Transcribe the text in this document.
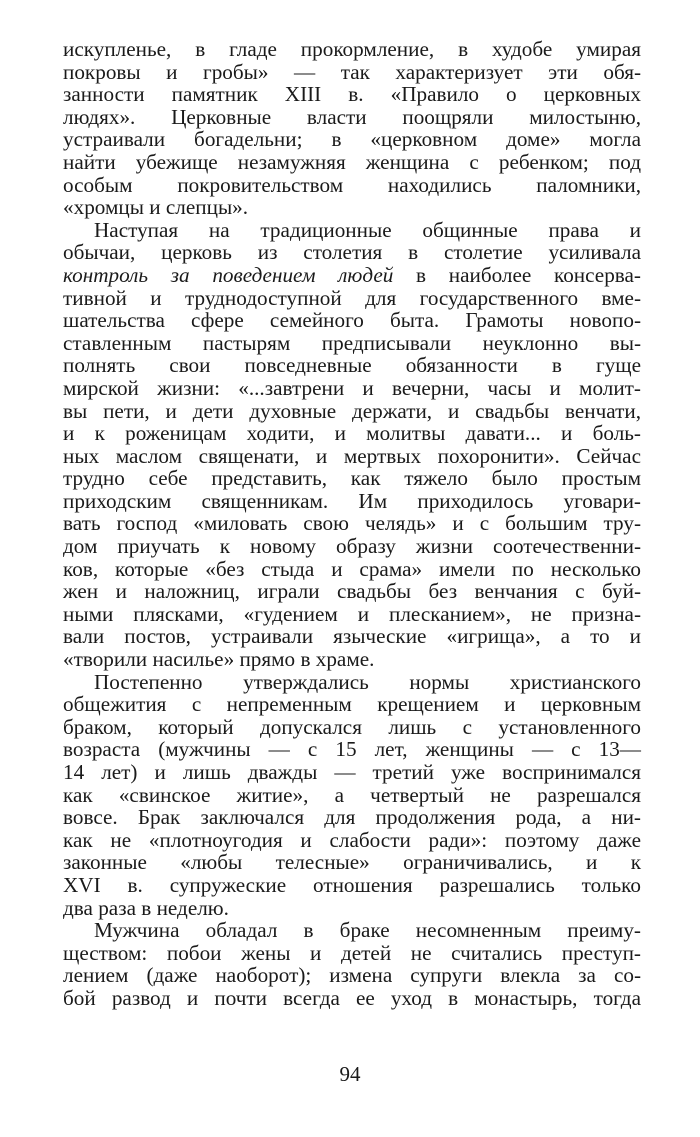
искупленье, в гладе прокормление, в худобе умирая
покровы и гробы» — так характеризует эти обя-
занности памятник XIII в. «Правило о церковных
людях». Церковные власти поощряли милостыню,
устраивали богадельни; в «церковном доме» могла
найти убежище незамужняя женщина с ребенком; под
особым покровительством находились паломники,
«хромцы и слепцы».
Наступая на традиционные общинные права и
обычаи, церковь из столетия в столетие усиливала
контроль за поведением людей в наиболее консерва-
тивной и труднодоступной для государственного вме-
шательства сфере семейного быта. Грамоты новопо-
ставленным пастырям предписывали неуклонно вы-
полнять свои повседневные обязанности в гуще
мирской жизни: «...завтрени и вечерни, часы и молит-
вы пети, и дети духовные держати, и свадьбы венчати,
и к роженицам ходити, и молитвы давати... и боль-
ных маслом священати, и мертвых похоронити». Сейчас
трудно себе представить, как тяжело было простым
приходским священникам. Им приходилось уговари-
вать господ «миловать свою челядь» и с большим тру-
дом приучать к новому образу жизни соотечественни-
ков, которые «без стыда и срама» имели по несколько
жен и наложниц, играли свадьбы без венчания с буй-
ными плясками, «гудением и плесканием», не призна-
вали постов, устраивали языческие «игрища», а то и
«творили насилье» прямо в храме.
Постепенно утверждались нормы христианского
общежития с непременным крещением и церковным
браком, который допускался лишь с установленного
возраста (мужчины — с 15 лет, женщины — с 13—
14 лет) и лишь дважды — третий уже воспринимался
как «свинское житие», а четвертый не разрешался
вовсе. Брак заключался для продолжения рода, а ни-
как не «плотноугодия и слабости ради»: поэтому даже
законные «любы телесные» ограничивались, и к
XVI в. супружеские отношения разрешались только
два раза в неделю.
Мужчина обладал в браке несомненным преиму-
ществом: побои жены и детей не считались преступ-
лением (даже наоборот); измена супруги влекла за со-
бой развод и почти всегда ее уход в монастырь, тогда
94
